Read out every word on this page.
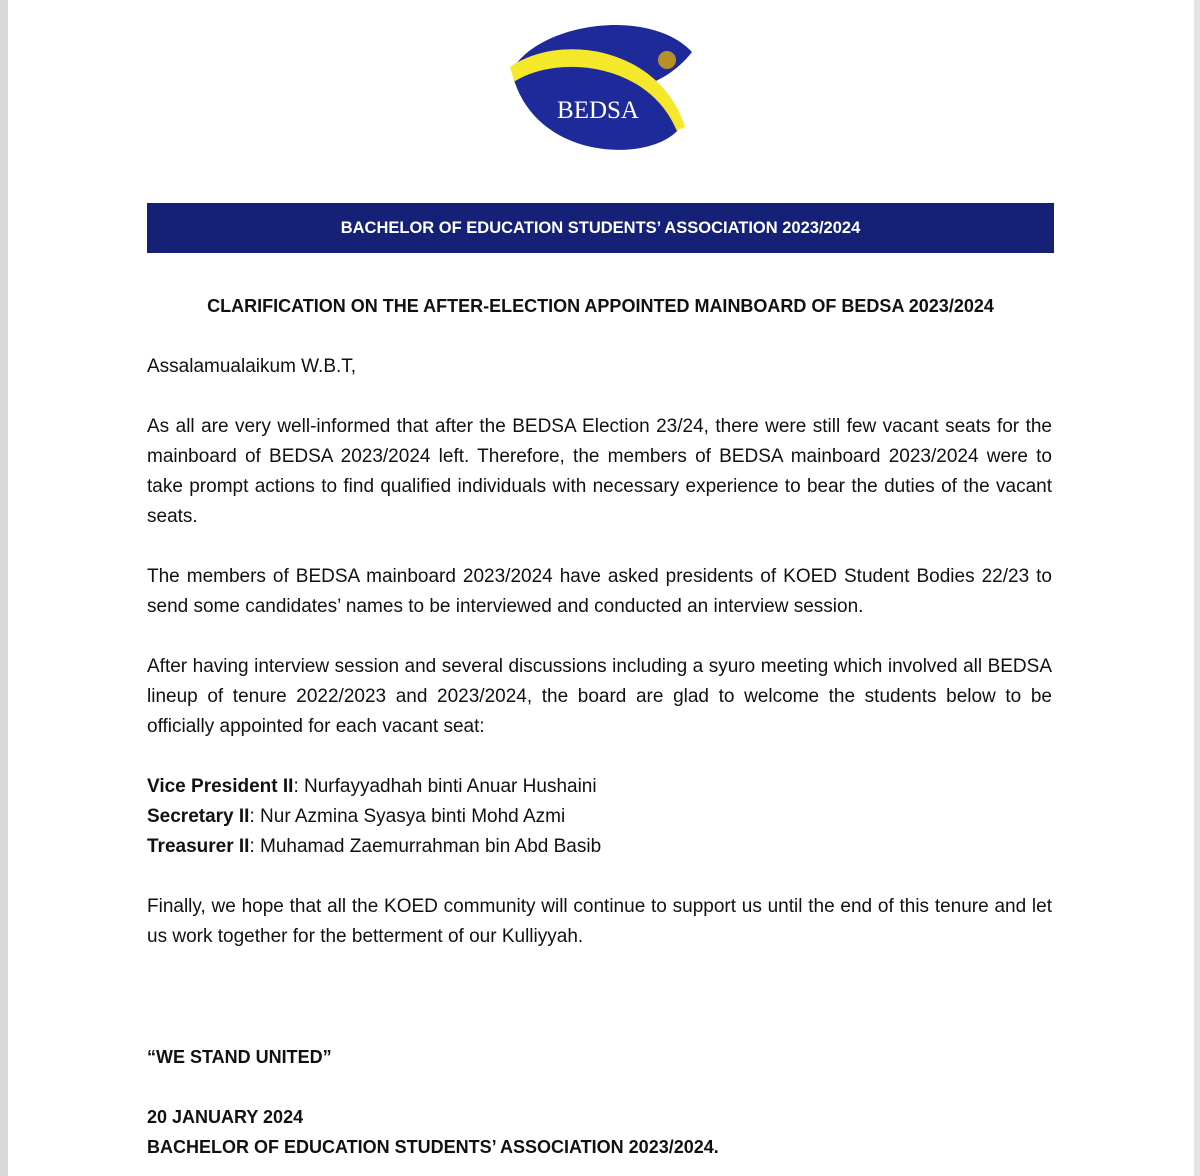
BEDSA
BACHELOR OF EDUCATION STUDENTS’ ASSOCIATION 2023/2024
CLARIFICATION ON THE AFTER-ELECTION APPOINTED MAINBOARD OF BEDSA 2023/2024

Assalamualaikum W.B.T,

As all are very well-informed that after the BEDSA Election 23/24, there were still few vacant seats for the mainboard of BEDSA 2023/2024 left. Therefore, the members of BEDSA mainboard 2023/2024 were to take prompt actions to find qualified individuals with necessary experience to bear the duties of the vacant seats.

The members of BEDSA mainboard 2023/2024 have asked presidents of KOED Student Bodies 22/23 to send some candidates’ names to be interviewed and conducted an interview session.

After having interview session and several discussions including a syuro meeting which involved all BEDSA lineup of tenure 2022/2023 and 2023/2024, the board are glad to welcome the students below to be officially appointed for each vacant seat:

Vice President II: Nurfayyadhah binti Anuar Hushaini
Secretary II: Nur Azmina Syasya binti Mohd Azmi
Treasurer II: Muhamad Zaemurrahman bin Abd Basib

Finally, we hope that all the KOED community will continue to support us until the end of this tenure and let us work together for the betterment of our Kulliyyah.

“WE STAND UNITED”

20 JANUARY 2024
BACHELOR OF EDUCATION STUDENTS’ ASSOCIATION 2023/2024.
